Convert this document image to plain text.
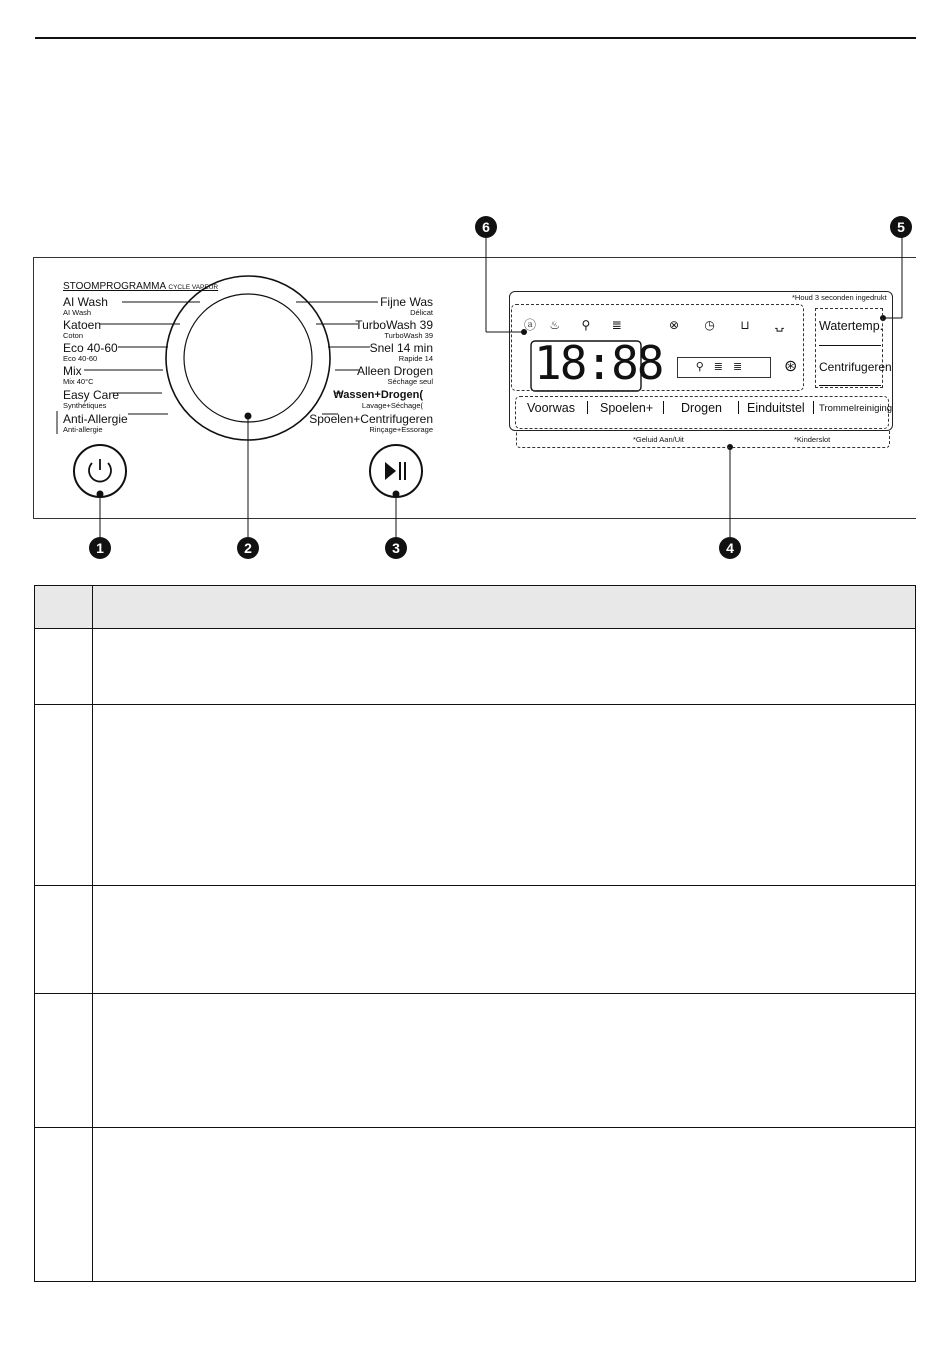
STOOMPROGRAMMA CYCLE VAPEUR
AI Wash
AI Wash
Katoen
Coton
Eco 40-60
Eco 40-60
Mix
Mix 40°C
Easy Care
Synthétiques
Anti-Allergie
Anti-allergie
Fijne Was
Délicat
TurboWash 39
TurboWash 39
Snel 14 min
Rapide 14
Alleen Drogen
Séchage seul
Wassen+Drogen(
Lavage+Séchage(
Spoelen+Centrifugeren
Rinçage+Essorage
*Houd 3 seconden ingedrukt
ⓐ ♨ ⚲ ≣	⊗ ◷ ⊔ ⍽
18:88	⚲≣≣	⊛
Watertemp.
Centrifugeren
Voorwas Spoelen+ Drogen Einduitstel Trommelreiniging
*Geluid Aan/Uit	*Kinderslot
1	2	3	4
5
6
